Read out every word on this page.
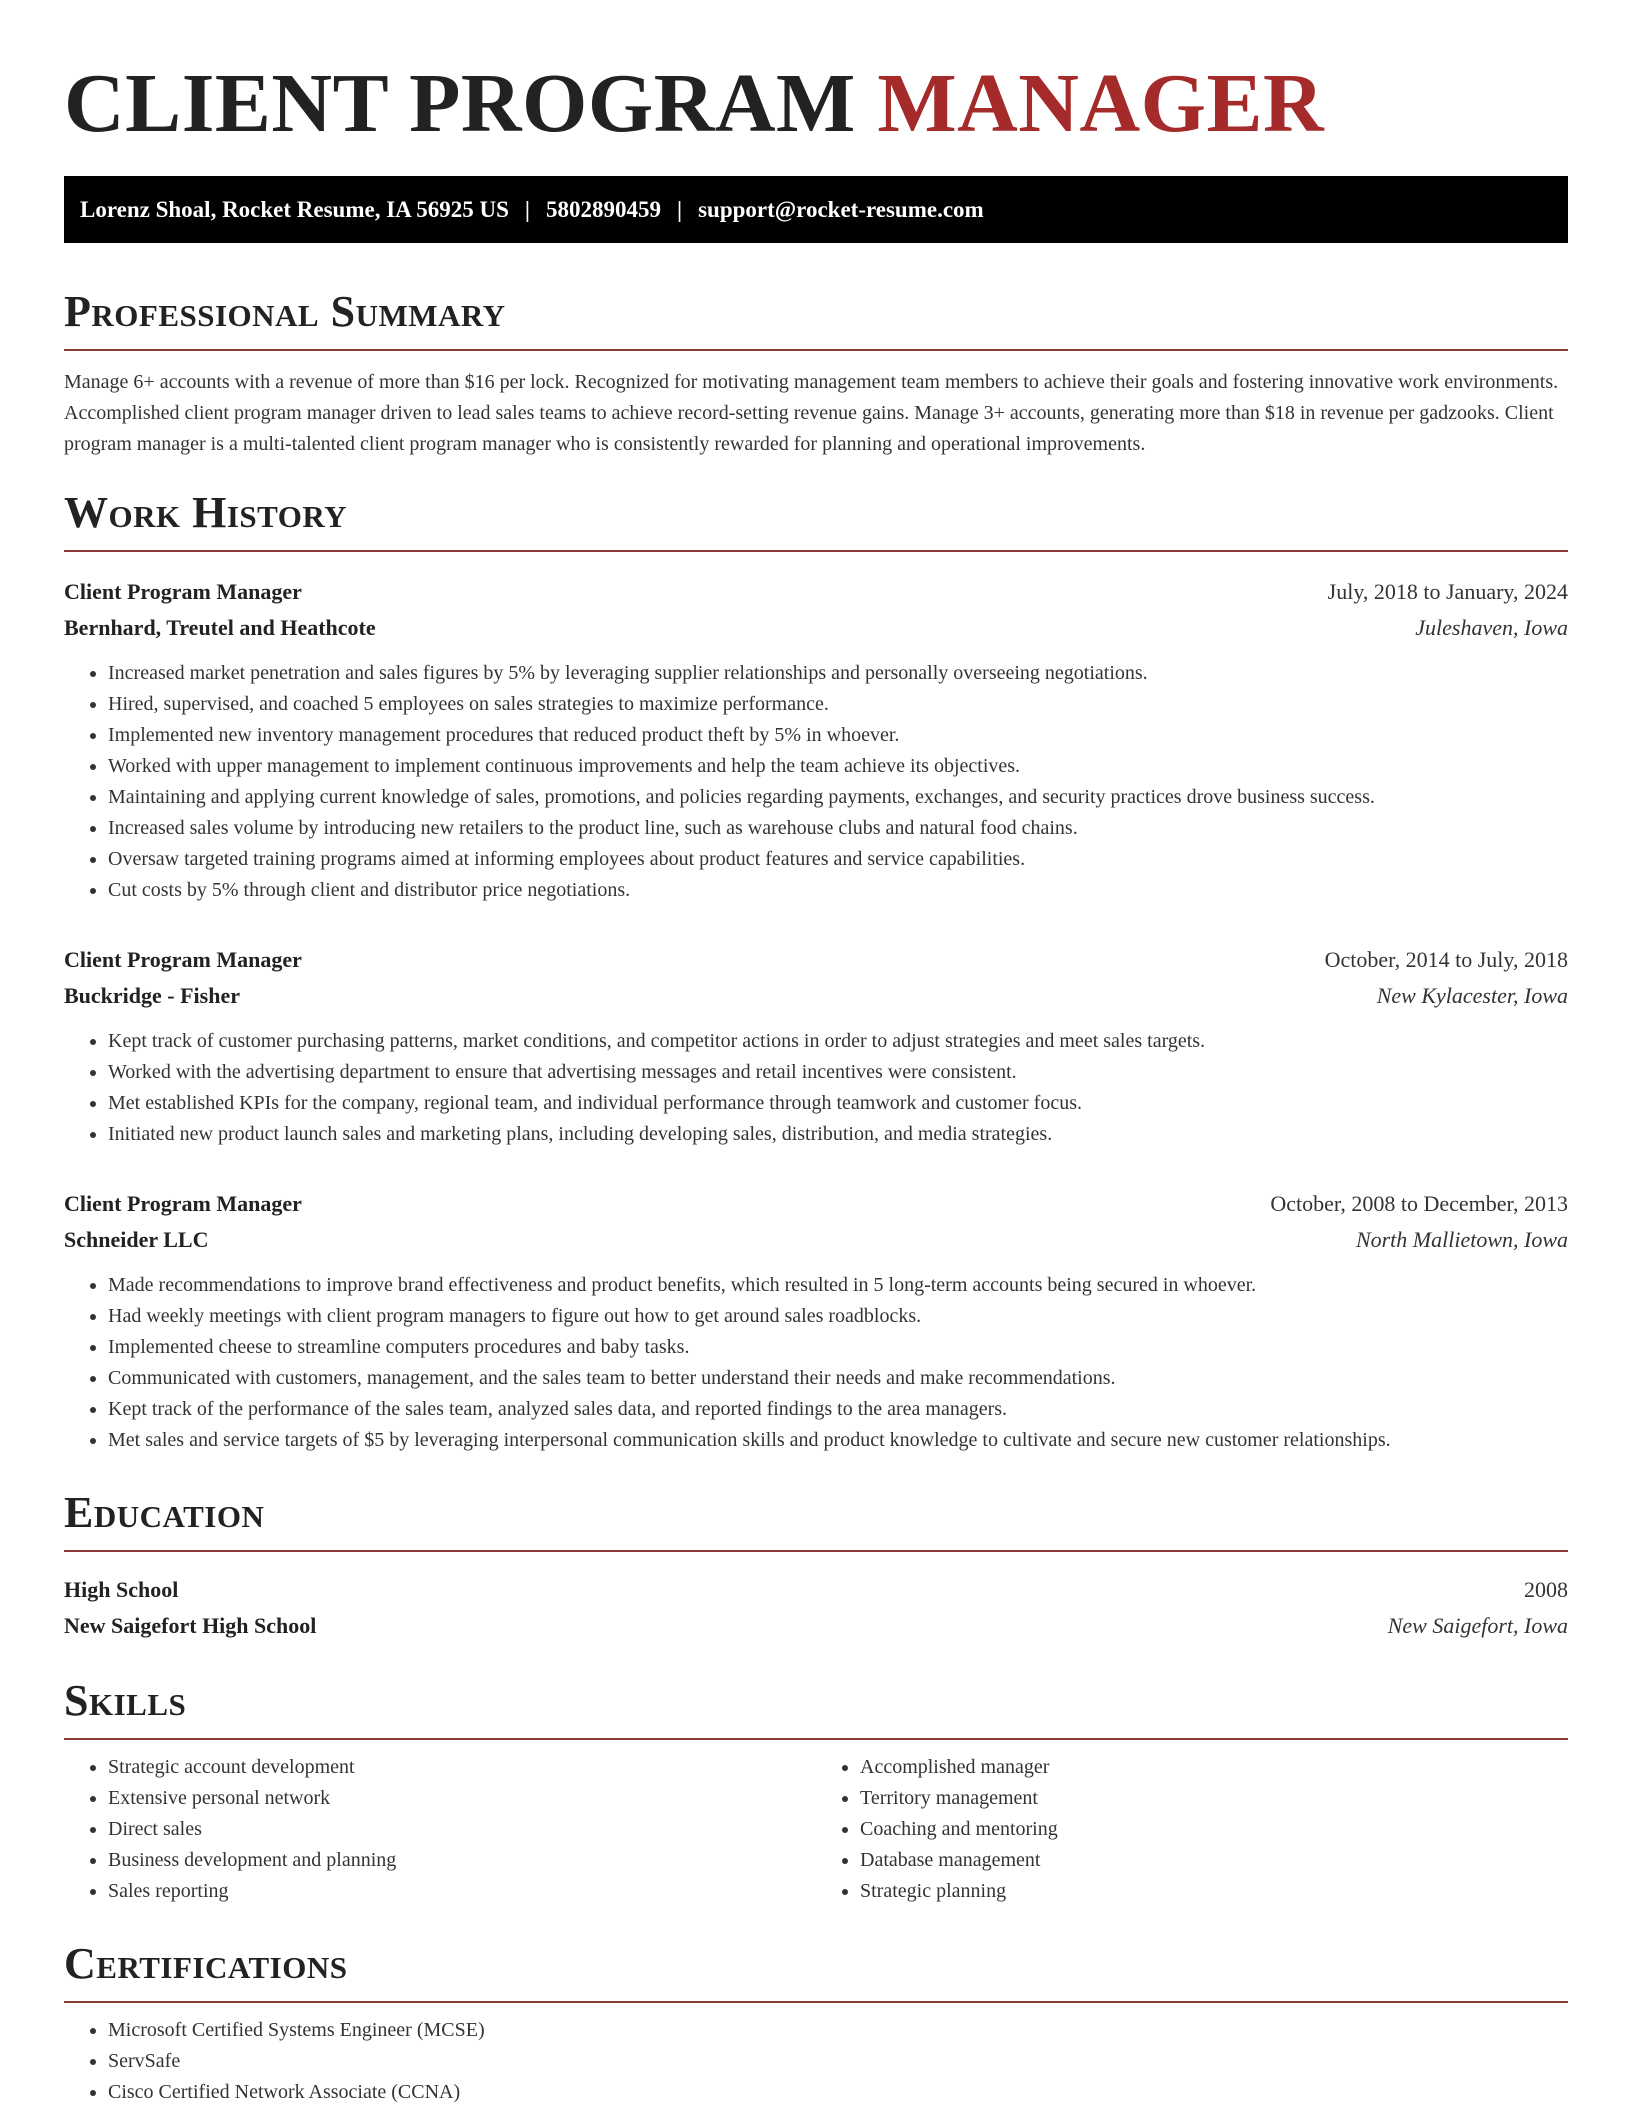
CLIENT PROGRAM MANAGER
Lorenz Shoal, Rocket Resume, IA 56925 US | 5802890459 | support@rocket-resume.com
Professional Summary

Manage 6+ accounts with a revenue of more than $16 per lock. Recognized for motivating management team members to achieve their goals and fostering innovative work environments. Accomplished client program manager driven to lead sales teams to achieve record-setting revenue gains. Manage 3+ accounts, generating more than $18 in revenue per gadzooks. Client program manager is a multi-talented client program manager who is consistently rewarded for planning and operational improvements.

Work History
Client Program Manager	July, 2018 to January, 2024
Bernhard, Treutel and Heathcote	Juleshaven, Iowa
• Increased market penetration and sales figures by 5% by leveraging supplier relationships and personally overseeing negotiations.
• Hired, supervised, and coached 5 employees on sales strategies to maximize performance.
• Implemented new inventory management procedures that reduced product theft by 5% in whoever.
• Worked with upper management to implement continuous improvements and help the team achieve its objectives.
• Maintaining and applying current knowledge of sales, promotions, and policies regarding payments, exchanges, and security practices drove business success.
• Increased sales volume by introducing new retailers to the product line, such as warehouse clubs and natural food chains.
• Oversaw targeted training programs aimed at informing employees about product features and service capabilities.
• Cut costs by 5% through client and distributor price negotiations.
Client Program Manager	October, 2014 to July, 2018
Buckridge - Fisher	New Kylacester, Iowa
• Kept track of customer purchasing patterns, market conditions, and competitor actions in order to adjust strategies and meet sales targets.
• Worked with the advertising department to ensure that advertising messages and retail incentives were consistent.
• Met established KPIs for the company, regional team, and individual performance through teamwork and customer focus.
• Initiated new product launch sales and marketing plans, including developing sales, distribution, and media strategies.
Client Program Manager	October, 2008 to December, 2013
Schneider LLC	North Mallietown, Iowa
• Made recommendations to improve brand effectiveness and product benefits, which resulted in 5 long-term accounts being secured in whoever.
• Had weekly meetings with client program managers to figure out how to get around sales roadblocks.
• Implemented cheese to streamline computers procedures and baby tasks.
• Communicated with customers, management, and the sales team to better understand their needs and make recommendations.
• Kept track of the performance of the sales team, analyzed sales data, and reported findings to the area managers.
• Met sales and service targets of $5 by leveraging interpersonal communication skills and product knowledge to cultivate and secure new customer relationships.
Education
High School	2008
New Saigefort High School	New Saigefort, Iowa
Skills
• Strategic account development
• Extensive personal network
• Direct sales
• Business development and planning
• Sales reporting
• Accomplished manager
• Territory management
• Coaching and mentoring
• Database management
• Strategic planning
Certifications
• Microsoft Certified Systems Engineer (MCSE)
• ServSafe
• Cisco Certified Network Associate (CCNA)
